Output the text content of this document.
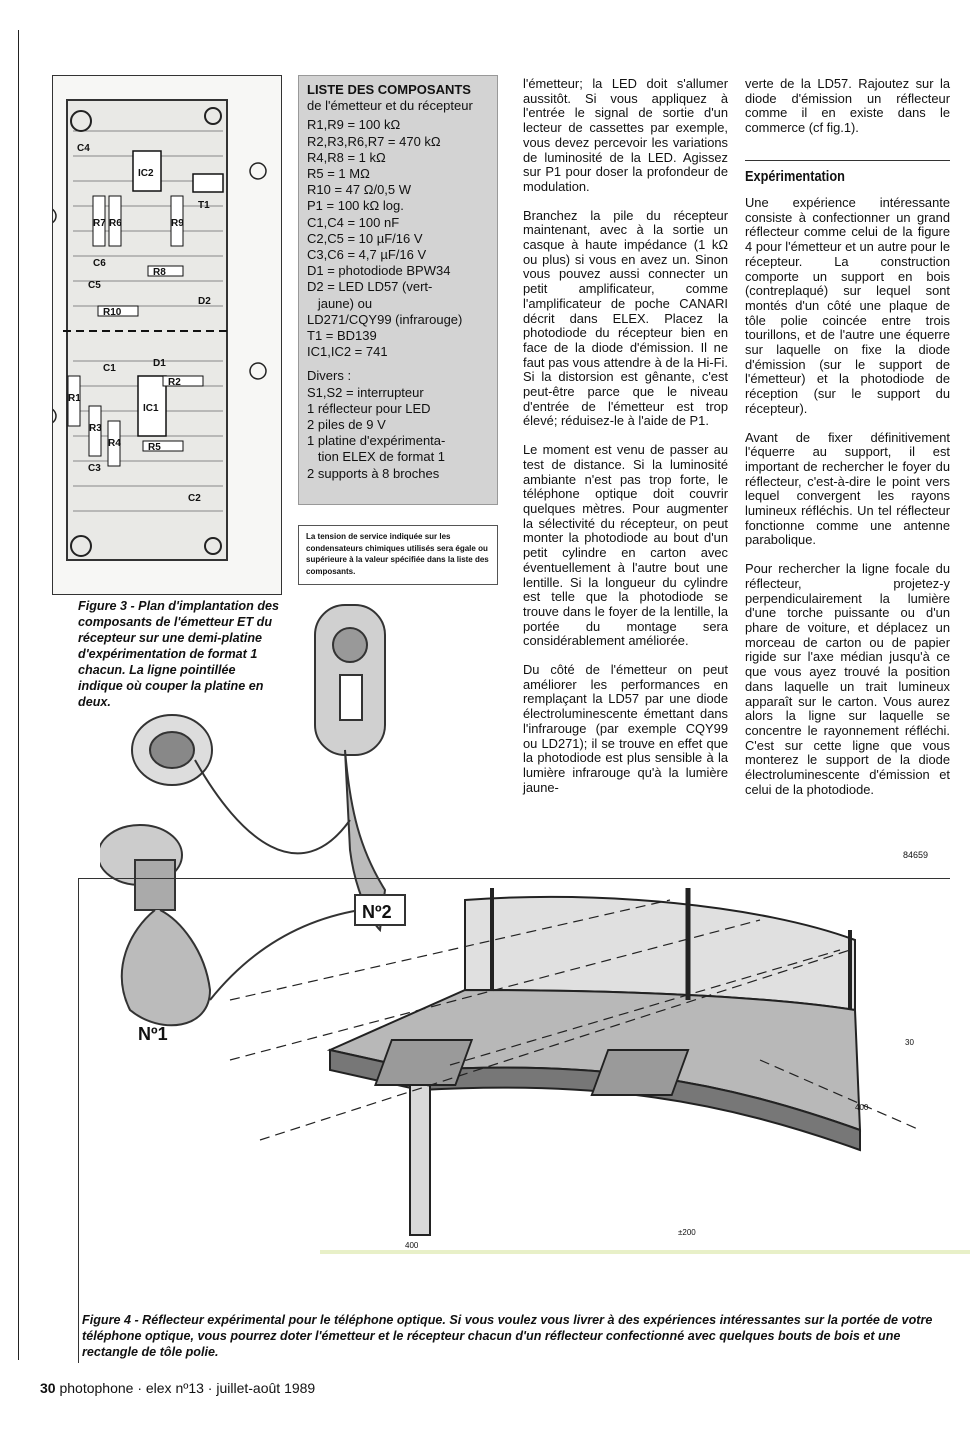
IC2
T1
R7 R6	R9
C6
R8
C5
D2
R10
R1
C1	D1
R2
R3
R4
IC1
R5
C3
C2
C4
Figure 3 - Plan d'implantation des composants de l'émetteur ET du récepteur sur une demi-platine d'expérimentation de format 1 chacun. La ligne pointillée indique où couper la platine en deux.
LISTE DES COMPOSANTS
de l'émetteur et du récepteur
R1,R9 = 100 kΩ
R2,R3,R6,R7 = 470 kΩ
R4,R8 = 1 kΩ
R5 = 1 MΩ
R10 = 47 Ω/0,5 W
P1 = 100 kΩ log.
C1,C4 = 100 nF
C2,C5 = 10 µF/16 V
C3,C6 = 4,7 µF/16 V
D1 = photodiode BPW34
D2 = LED LD57 (vert-
jaune) ou
LD271/CQY99 (infrarouge)
T1 = BD139
IC1,IC2 = 741
Divers :
S1,S2 = interrupteur
1 réflecteur pour LED
2 piles de 9 V
1 platine d'expérimenta-
tion ELEX de format 1
2 supports à 8 broches
La tension de service indiquée sur les condensateurs chimiques utilisés sera égale ou supérieure à la valeur spécifiée dans la liste des composants.
Nº2
Nº1

l'émetteur; la LED doit s'allumer aussitôt. Si vous appliquez à l'entrée le signal de sortie d'un lecteur de cassettes par exemple, vous devez percevoir les variations de luminosité de la LED. Agissez sur P1 pour doser la profondeur de modulation.

Branchez la pile du récepteur maintenant, avec à la sortie un casque à haute impédance (1 kΩ ou plus) si vous en avez un. Sinon vous pouvez aussi connecter un petit amplificateur, comme l'amplificateur de poche CANARI décrit dans ELEX. Placez la photodiode du récepteur bien en face de la diode d'émission. Il ne faut pas vous attendre à de la Hi-Fi. Si la distorsion est gênante, c'est peut-être parce que le niveau d'entrée de l'émetteur est trop élevé; réduisez-le à l'aide de P1.

Le moment est venu de passer au test de distance. Si la luminosité ambiante n'est pas trop forte, le téléphone optique doit couvrir quelques mètres. Pour augmenter la sélectivité du récepteur, on peut monter la photodiode au bout d'un petit cylindre en carton avec éventuellement à l'autre bout une lentille. Si la longueur du cylindre est telle que la photodiode se trouve dans le foyer de la lentille, la portée du montage sera considérablement améliorée.

Du côté de l'émetteur on peut améliorer les performances en remplaçant la LD57 par une diode électroluminescente émettant dans l'infrarouge (par exemple CQY99 ou LD271); il se trouve en effet que la photodiode est plus sensible à la lumière infrarouge qu'à la lumière jaune-

verte de la LD57. Rajoutez sur la diode d'émission un réflecteur comme il en existe dans le commerce (cf fig.1).

Expérimentation

Une expérience intéressante consiste à confectionner un grand réflecteur comme celui de la figure 4 pour l'émetteur et un autre pour le récepteur. La construction comporte un support en bois (contreplaqué) sur lequel sont montés d'un côté une plaque de tôle polie coincée entre trois tourillons, et de l'autre une équerre sur laquelle on fixe la diode d'émission (sur le support de l'émetteur) et la photodiode de réception (sur le support du récepteur).

Avant de fixer définitivement l'équerre au support, il est important de rechercher le foyer du réflecteur, c'est-à-dire le point vers lequel convergent les rayons lumineux réfléchis. Un tel réflecteur fonctionne comme une antenne parabolique.

Pour rechercher la ligne focale du réflecteur, projetez-y perpendiculairement la lumière d'une torche puissante ou d'un phare de voiture, et déplacez un morceau de carton ou de papier rigide sur l'axe médian jusqu'à ce que vous ayez trouvé la position dans laquelle un trait lumineux apparaît sur le carton. Vous aurez alors la ligne sur laquelle se concentre le rayonnement réfléchi. C'est sur cette ligne que vous monterez le support de la diode électroluminescente d'émission et celui de la photodiode.

84659
30
400
±200
400
Figure 4 - Réflecteur expérimental pour le téléphone optique. Si vous voulez vous livrer à des expériences intéressantes sur la portée de votre téléphone optique, vous pourrez doter l'émetteur et le récepteur chacun d'un réflecteur confectionné avec quelques bouts de bois et une rectangle de tôle polie.
30 photophone · elex nº13 · juillet-août 1989
